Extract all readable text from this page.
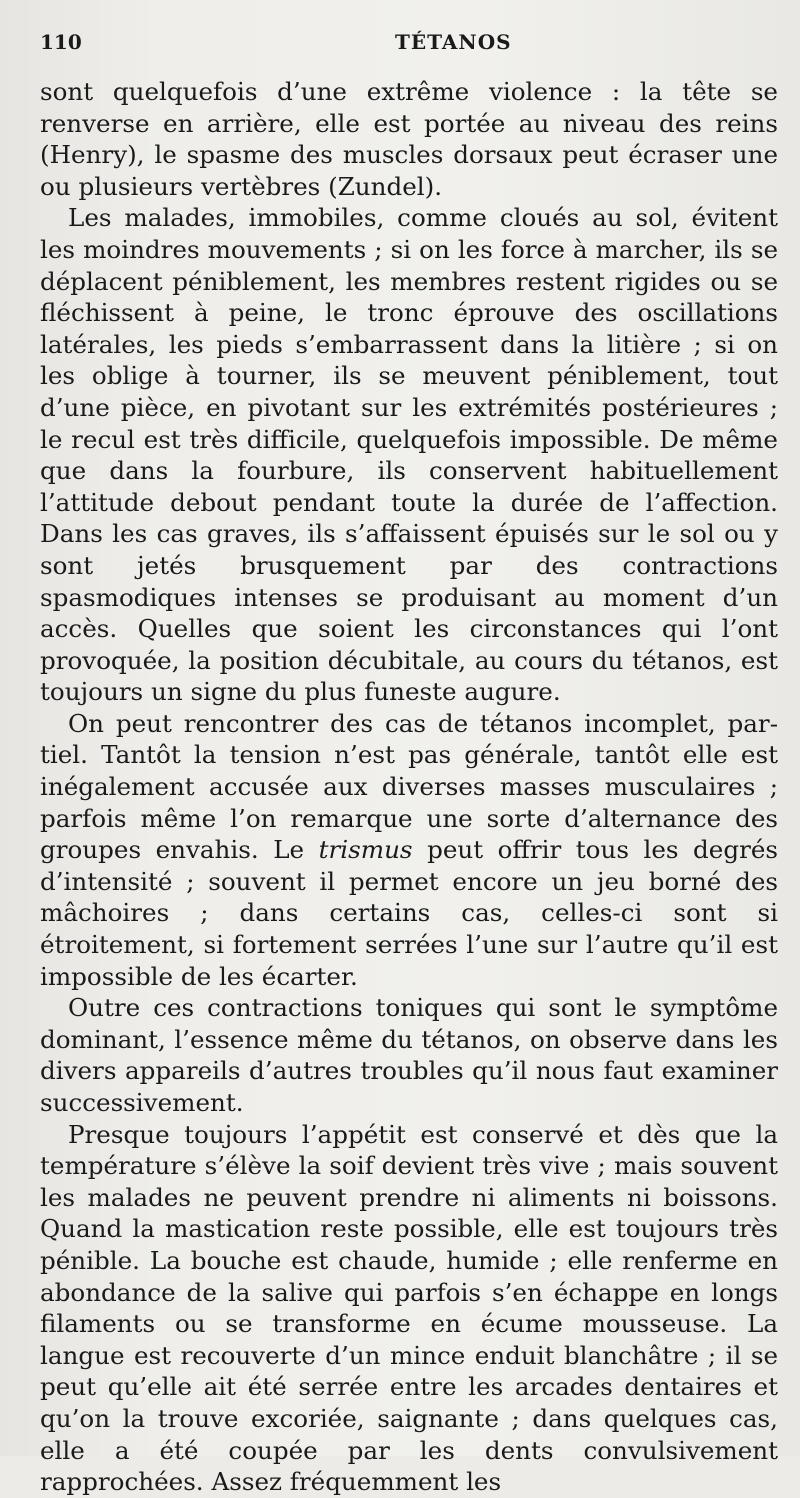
110	TÉTANOS

sont quelquefois d’une extrême violence : la tête se renverse en arrière, elle est portée au niveau des reins (Henry), le spasme des muscles dorsaux peut écraser une ou plusieurs vertèbres (Zundel).

Les malades, immobiles, comme cloués au sol, évitent les moindres mouvements ; si on les force à marcher, ils se déplacent péniblement, les membres restent rigides ou se fléchissent à peine, le tronc éprouve des oscillations latérales, les pieds s’embarrassent dans la litière ; si on les oblige à tourner, ils se meuvent péniblement, tout d’une pièce, en pivotant sur les extrémités postérieures ; le recul est très difficile, quelquefois impossible. De même que dans la fourbure, ils conservent habituellement l’attitude debout pendant toute la durée de l’affection. Dans les cas graves, ils s’affaissent épuisés sur le sol ou y sont jetés brusquement par des contractions spasmodiques intenses se produisant au moment d’un accès. Quelles que soient les circonstances qui l’ont provoquée, la position décubitale, au cours du tétanos, est toujours un signe du plus funeste augure.

On peut rencontrer des cas de tétanos incomplet, partiel. Tantôt la tension n’est pas générale, tantôt elle est inégalement accusée aux diverses masses musculaires ; parfois même l’on remarque une sorte d’alternance des groupes envahis. Le trismus peut offrir tous les degrés d’intensité ; souvent il permet encore un jeu borné des mâchoires ; dans certains cas, celles-ci sont si étroitement, si fortement serrées l’une sur l’autre qu’il est impossible de les écarter.

Outre ces contractions toniques qui sont le symptôme dominant, l’essence même du tétanos, on observe dans les divers appareils d’autres troubles qu’il nous faut examiner successivement.

Presque toujours l’appétit est conservé et dès que la température s’élève la soif devient très vive ; mais souvent les malades ne peuvent prendre ni aliments ni boissons. Quand la mastication reste possible, elle est toujours très pénible. La bouche est chaude, humide ; elle renferme en abondance de la salive qui parfois s’en échappe en longs filaments ou se transforme en écume mousseuse. La langue est recouverte d’un mince enduit blanchâtre ; il se peut qu’elle ait été serrée entre les arcades dentaires et qu’on la trouve excoriée, saignante ; dans quelques cas, elle a été coupée par les dents convulsivement rapprochées. Assez fréquemment les
